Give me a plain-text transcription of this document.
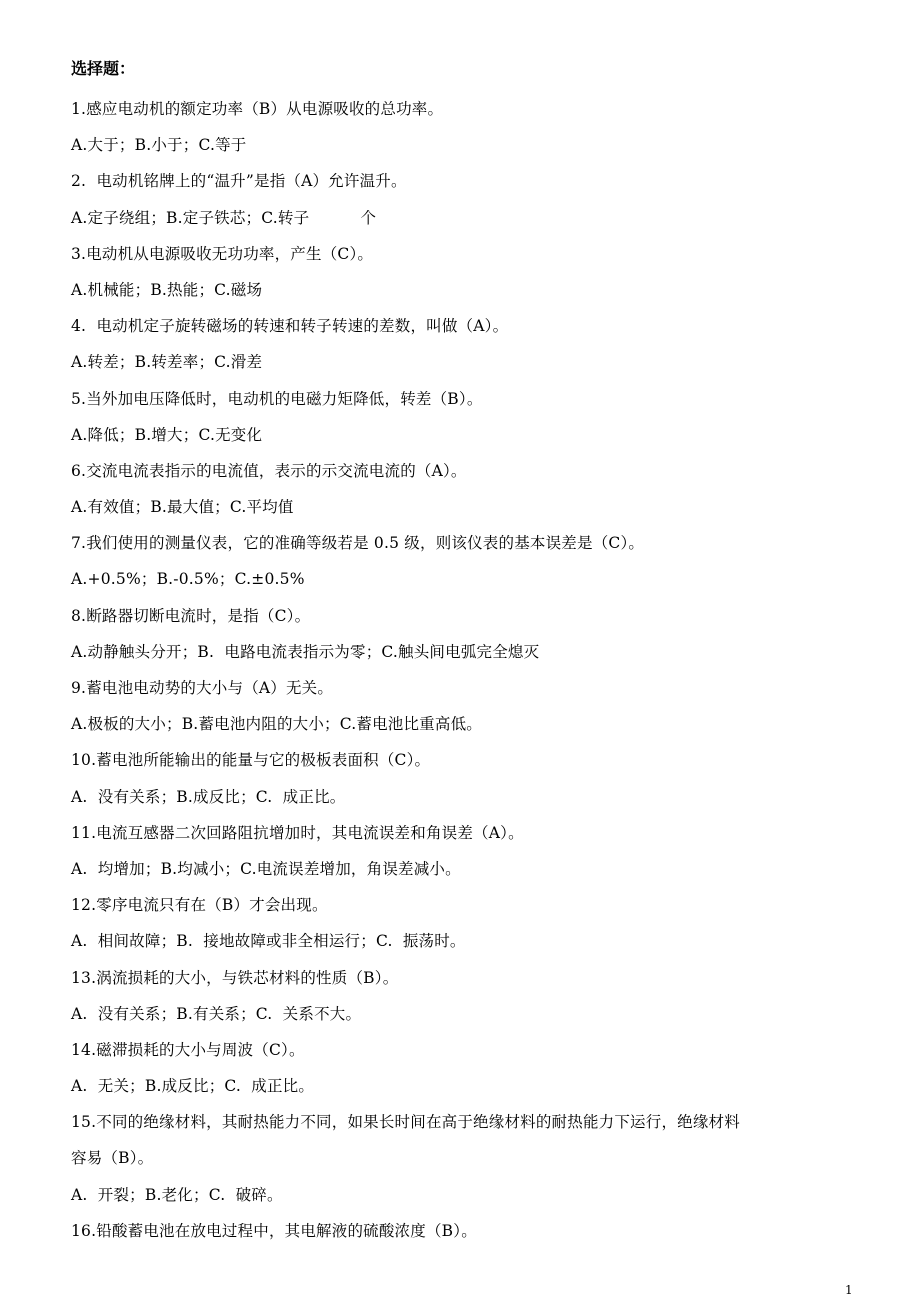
选择题：
1.感应电动机的额定功率（B）从电源吸收的总功率。
A.大于；B.小于；C.等于
2.  电动机铭牌上的“温升”是指（A）允许温升。
A.定子绕组；B.定子铁芯；C.转子          个
3.电动机从电源吸收无功功率，产生（C）。
A.机械能；B.热能；C.磁场
4.  电动机定子旋转磁场的转速和转子转速的差数，叫做（A）。
A.转差；B.转差率；C.滑差
5.当外加电压降低时，电动机的电磁力矩降低，转差（B）。
A.降低；B.增大；C.无变化
6.交流电流表指示的电流值，表示的示交流电流的（A）。
A.有效值；B.最大值；C.平均值
7.我们使用的测量仪表，它的准确等级若是 0.5 级，则该仪表的基本误差是（C）。
A.+0.5%；B.-0.5%；C.±0.5%
8.断路器切断电流时，是指（C）。
A.动静触头分开；B.  电路电流表指示为零；C.触头间电弧完全熄灭
9.蓄电池电动势的大小与（A）无关。
A.极板的大小；B.蓄电池内阻的大小；C.蓄电池比重高低。
10.蓄电池所能输出的能量与它的极板表面积（C）。
A.  没有关系；B.成反比；C.  成正比。
11.电流互感器二次回路阻抗增加时，其电流误差和角误差（A）。
A.  均增加；B.均减小；C.电流误差增加，角误差减小。
12.零序电流只有在（B）才会出现。
A.  相间故障；B.  接地故障或非全相运行；C.  振荡时。
13.涡流损耗的大小，与铁芯材料的性质（B）。
A.  没有关系；B.有关系；C.  关系不大。
14.磁滞损耗的大小与周波（C）。
A.  无关；B.成反比；C.  成正比。
15.不同的绝缘材料，其耐热能力不同，如果长时间在高于绝缘材料的耐热能力下运行，绝缘材料
容易（B）。
A.  开裂；B.老化；C.  破碎。
16.铅酸蓄电池在放电过程中，其电解液的硫酸浓度（B）。
1
